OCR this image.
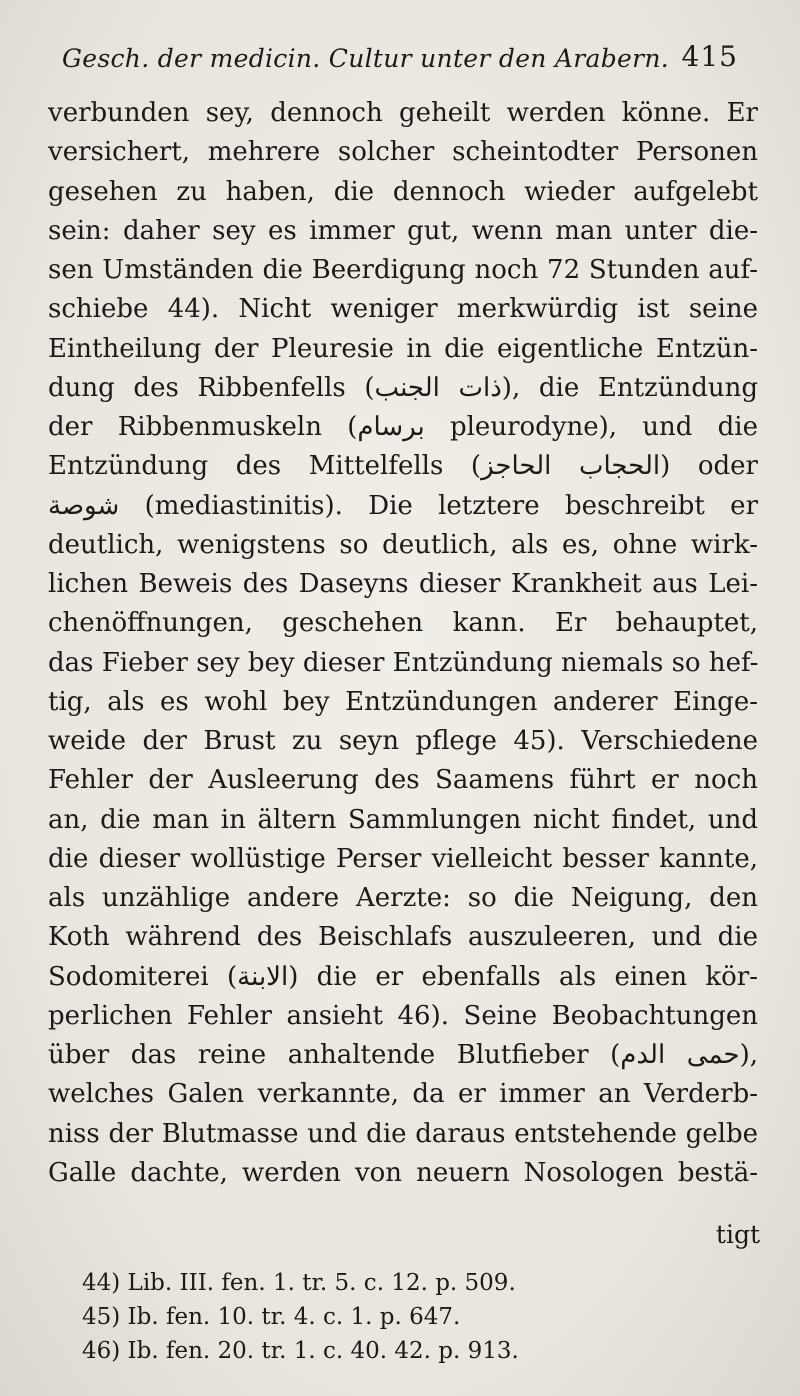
Gesch. der medicin. Cultur unter den Arabern. 415
verbunden sey, dennoch geheilt werden könne. Er
versichert, mehrere solcher scheintodter Personen
gesehen zu haben, die dennoch wieder aufgelebt
sein: daher sey es immer gut, wenn man unter die-
sen Umständen die Beerdigung noch 72 Stunden auf-
schiebe 44). Nicht weniger merkwürdig ist seine
Eintheilung der Pleuresie in die eigentliche Entzün-
dung des Ribbenfells (ذات الجنب), die Entzündung
der Ribbenmuskeln (برسام pleurodyne), und die
Entzündung des Mittelfells (الحجاب الحاجز) oder
شوصة (mediastinitis). Die letztere beschreibt er
deutlich, wenigstens so deutlich, als es, ohne wirk-
lichen Beweis des Daseyns dieser Krankheit aus Lei-
chenöffnungen, geschehen kann. Er behauptet,
das Fieber sey bey dieser Entzündung niemals so hef-
tig, als es wohl bey Entzündungen anderer Einge-
weide der Brust zu seyn pflege 45). Verschiedene
Fehler der Ausleerung des Saamens führt er noch
an, die man in ältern Sammlungen nicht findet, und
die dieser wollüstige Perser vielleicht besser kannte,
als unzählige andere Aerzte: so die Neigung, den
Koth während des Beischlafs auszuleeren, und die
Sodomiterei (الابنة) die er ebenfalls als einen kör-
perlichen Fehler ansieht 46). Seine Beobachtungen
über das reine anhaltende Blutfieber (حمى الدم),
welches Galen verkannte, da er immer an Verderb-
niss der Blutmasse und die daraus entstehende gelbe
Galle dachte, werden von neuern Nosologen bestä-
tigt
44) Lib. III. fen. 1. tr. 5. c. 12. p. 509.
45) Ib. fen. 10. tr. 4. c. 1. p. 647.
46) Ib. fen. 20. tr. 1. c. 40. 42. p. 913.
